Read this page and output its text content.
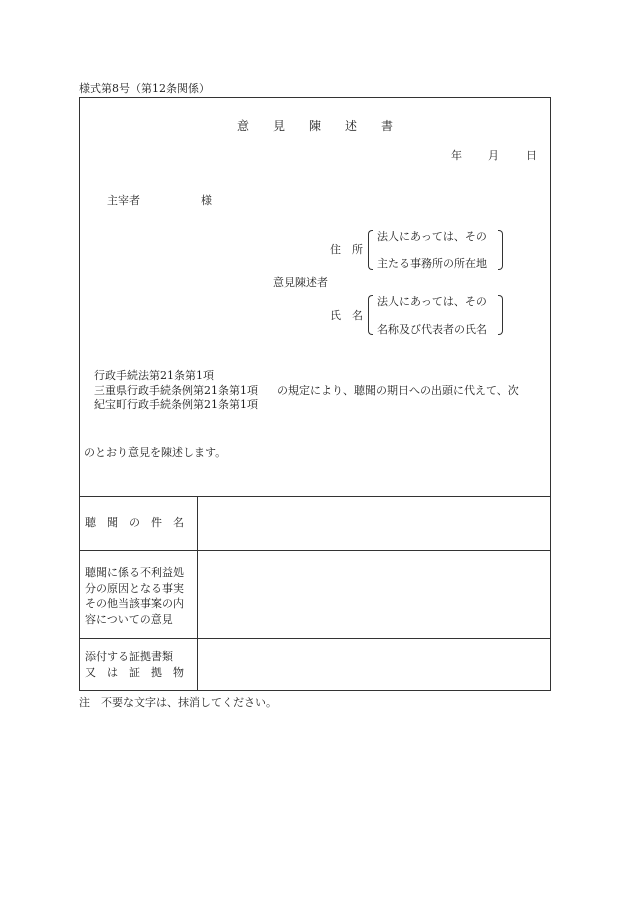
様式第8号（第12条関係）
意　　見　　陳　　述　　書
年 月 日
主宰者	様
住　所
法人にあっては、その
主たる事務所の所在地
意見陳述者
氏　名
法人にあっては、その
名称及び代表者の氏名
行政手続法第21条第1項
三重県行政手続条例第21条第1項 の規定により、聴聞の期日への出頭に代えて、次
紀宝町行政手続条例第21条第1項
のとおり意見を陳述します。
聴　聞　の　件　名
聴聞に係る不利益処
分の原因となる事実
その他当該事案の内
容についての意見
添付する証拠書類
又　は　証　拠　物
注　不要な文字は、抹消してください。
